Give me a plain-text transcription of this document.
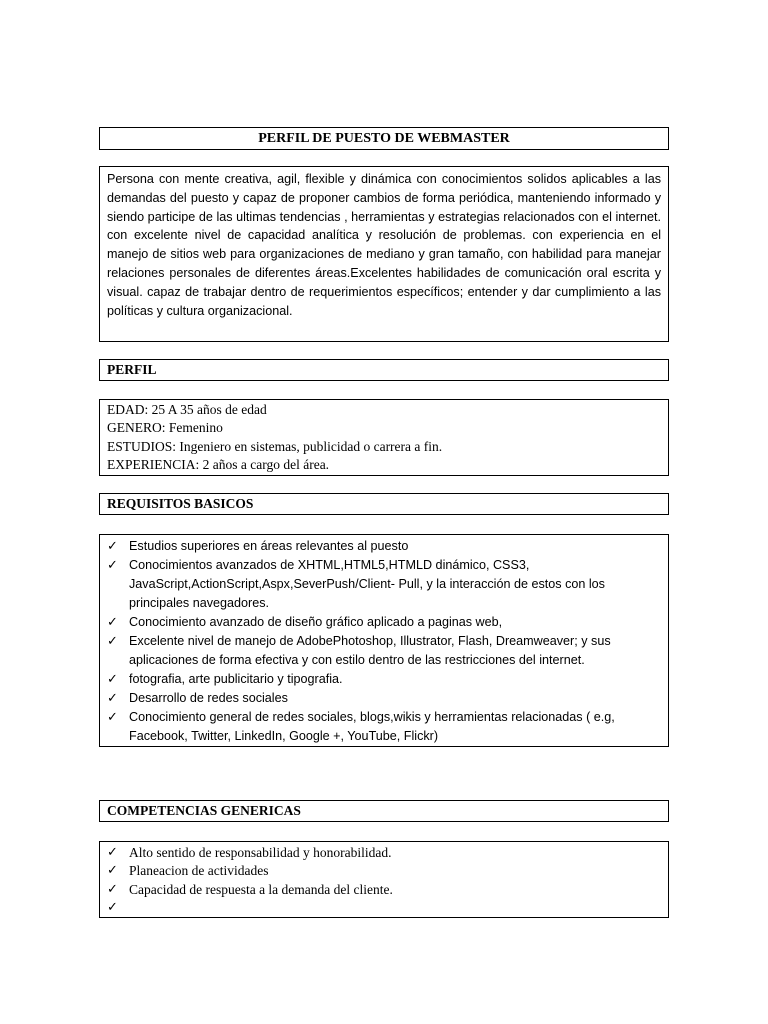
PERFIL DE PUESTO DE WEBMASTER

Persona con mente creativa, agil, flexible y dinámica con conocimientos solidos aplicables a las demandas del puesto y capaz de proponer cambios de forma periódica, manteniendo informado y siendo participe de las ultimas tendencias , herramientas y estrategias relacionados con el internet. con excelente nivel de capacidad analítica y resolución de problemas. con experiencia en el manejo de sitios web para organizaciones de mediano y gran tamaño, con habilidad para manejar relaciones personales de diferentes áreas.Excelentes habilidades de comunicación oral escrita y visual. capaz de trabajar dentro de requerimientos específicos; entender y dar cumplimiento a las políticas y cultura organizacional.

PERFIL
EDAD: 25 A 35 años de edad
GENERO: Femenino
ESTUDIOS: Ingeniero en sistemas, publicidad o carrera a fin.
EXPERIENCIA: 2 años a cargo del área.
REQUISITOS BASICOS
✓ Estudios superiores en áreas relevantes al puesto
✓ Conocimientos avanzados de XHTML,HTML5,HTMLD dinámico, CSS3, JavaScript,ActionScript,Aspx,SeverPush/Client- Pull, y la interacción de estos con los principales navegadores.
✓ Conocimiento avanzado de diseño gráfico aplicado a paginas web,
✓ Excelente nivel de manejo de AdobePhotoshop, Illustrator, Flash, Dreamweaver; y sus aplicaciones de forma efectiva y con estilo dentro de las restricciones del internet.
✓ fotografia, arte publicitario y tipografia.
✓ Desarrollo de redes sociales
✓ Conocimiento general de redes sociales, blogs,wikis y herramientas relacionadas ( e.g, Facebook, Twitter, LinkedIn, Google +, YouTube, Flickr)
COMPETENCIAS GENERICAS
✓ Alto sentido de responsabilidad y honorabilidad.
✓ Planeacion de actividades
✓ Capacidad de respuesta a la demanda del cliente.
✓
